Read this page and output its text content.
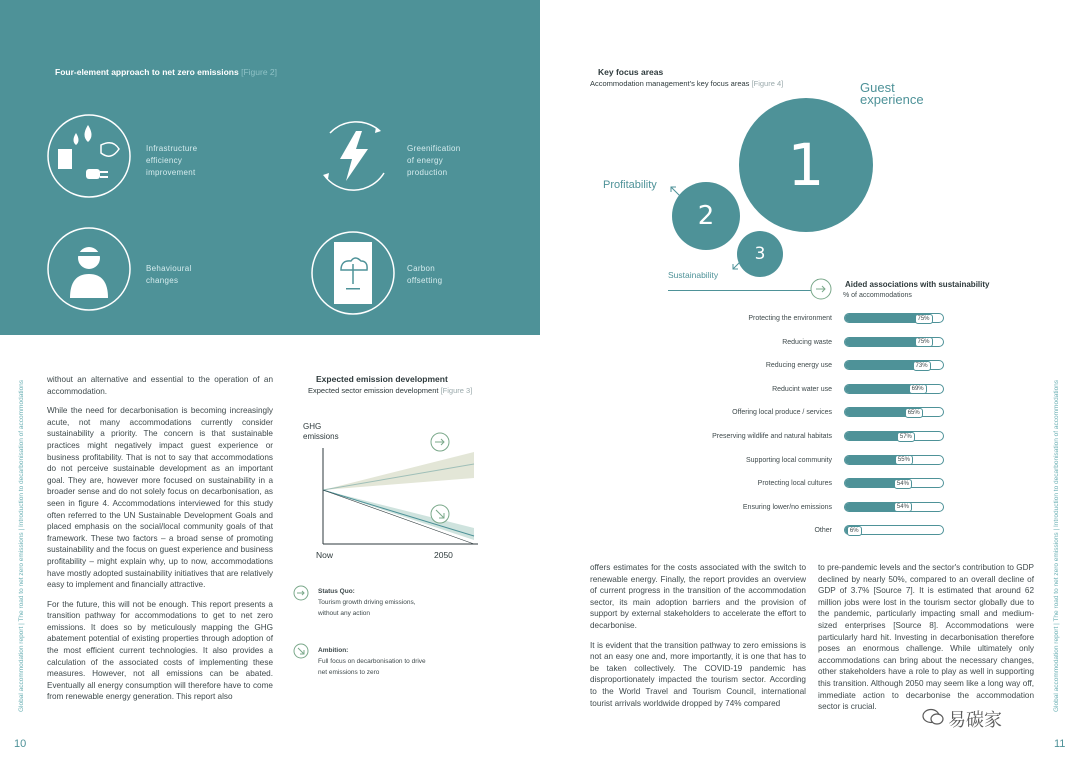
Four-element approach to net zero emissions [Figure 2]
Infrastructure
efficiency
improvement
Greenification
of energy
production
Behavioural
changes
Carbon
offsetting
Global accommodation report | The road to net zero emissions | Introduction to decarbonisation of accommodations
10

without an alternative and essential to the operation of an accommodation.

While the need for decarbonisation is becoming increasingly acute, not many accommodations currently consider sustainability a priority. The concern is that sustainable practices might negatively impact guest experience or business profitability. That is not to say that accommodations do not perceive sustainable development as an important goal. They are, however more focused on sustainability in a broader sense and do not solely focus on decarbonisation, as seen in figure 4. Accommodations interviewed for this study often referred to the UN Sustainable Development Goals and placed emphasis on the social/local community goals of that framework. These two factors – a broad sense of promoting sustainability and the focus on guest experience and business profitability – might explain why, up to now, accommodations have mostly adopted sustainability initiatives that are relatively easy to implement and financially attractive.

For the future, this will not be enough. This report presents a transition pathway for accommodations to get to net zero emissions. It does so by meticulously mapping the GHG abatement potential of existing properties through adoption of the most efficient current technologies. It also provides a calculation of the associated costs of implementing these measures. However, not all emissions can be abated. Eventually all energy consumption will therefore have to come from renewable energy generation. This report also

Expected emission development
Expected sector emission development [Figure 3]
GHG
emissions
Now	2050
Status Quo:
Tourism growth driving emissions,
without any action
Ambition:
Full focus on decarbonisation to drive
net emissions to zero
Key focus areas
Accommodation management's key focus areas [Figure 4]
1
Guest
experience
2
Profitability
3
Sustainability
Aided associations with sustainability
% of accommodations
Protecting the environment	75%
Reducing waste	75%
Reducing energy use	73%
Reducint water use	69%
Offering local produce / services	65%
Preserving wildlife and natural habitats	57%
Supporting local community	55%
Protecting local cultures	54%
Ensuring lower/no emissions	54%
Other	6%

offers estimates for the costs associated with the switch to renewable energy. Finally, the report provides an overview of current progress in the transition of the accommodation sector, its main adoption barriers and the provision of support by external stakeholders to accelerate the effort to decarbonise.

It is evident that the transition pathway to zero emissions is not an easy one and, more importantly, it is one that has to be taken collectively. The COVID-19 pandemic has disproportionately impacted the tourism sector. According to the World Travel and Tourism Council, international tourist arrivals worldwide dropped by 74% compared

to pre-pandemic levels and the sector's contribution to GDP declined by nearly 50%, compared to an overall decline of GDP of 3.7% [Source 7]. It is estimated that around 62 million jobs were lost in the tourism sector globally due to the pandemic, particularly impacting small and medium-sized enterprises [Source 8]. Accommodations were particularly hard hit. Investing in decarbonisation therefore poses an enormous challenge. While ultimately only accommodations can bring about the necessary changes, other stakeholders have a role to play as well in supporting this transition. Although 2050 may seem like a long way off, immediate action to decarbonise the accommodation sector is crucial.	Global accommodation report | The road to net zero emissions | Introduction to decarbonisation of accommodations
11
易碳家
